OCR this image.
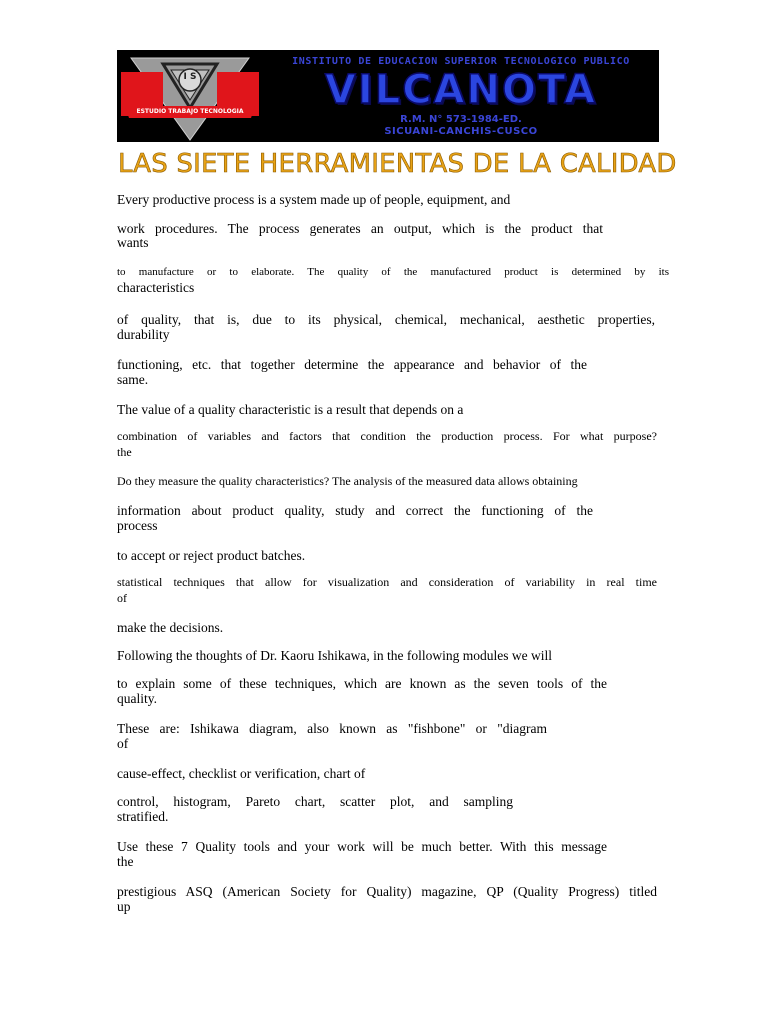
I S
ESTUDIO TRABAJO TECNOLOGIA
INSTITUTO DE EDUCACION SUPERIOR TECNOLOGICO PUBLICO
VILCANOTA
R.M. N° 573-1984-ED.
SICUANI-CANCHIS-CUSCO
LAS SIETE HERRAMIENTAS DE LA CALIDAD

Every productive process is a system made up of people, equipment, and

work procedures. The process generates an output, which is the product that
wants

to manufacture or to elaborate. The quality of the manufactured product is determined by its
characteristics

of quality, that is, due to its physical, chemical, mechanical, aesthetic properties,
durability

functioning, etc. that together determine the appearance and behavior of the
same.

The value of a quality characteristic is a result that depends on a

combination of variables and factors that condition the production process. For what purpose?
the

Do they measure the quality characteristics? The analysis of the measured data allows obtaining

information about product quality, study and correct the functioning of the
process

to accept or reject product batches.

statistical techniques that allow for visualization and consideration of variability in real time
of

make the decisions.

Following the thoughts of Dr. Kaoru Ishikawa, in the following modules we will

to explain some of these techniques, which are known as the seven tools of the
quality.

These are: Ishikawa diagram, also known as "fishbone" or "diagram
of

cause-effect, checklist or verification, chart of

control, histogram, Pareto chart, scatter plot, and sampling
stratified.

Use these 7 Quality tools and your work will be much better. With this message
the

prestigious ASQ (American Society for Quality) magazine, QP (Quality Progress) titled
up
